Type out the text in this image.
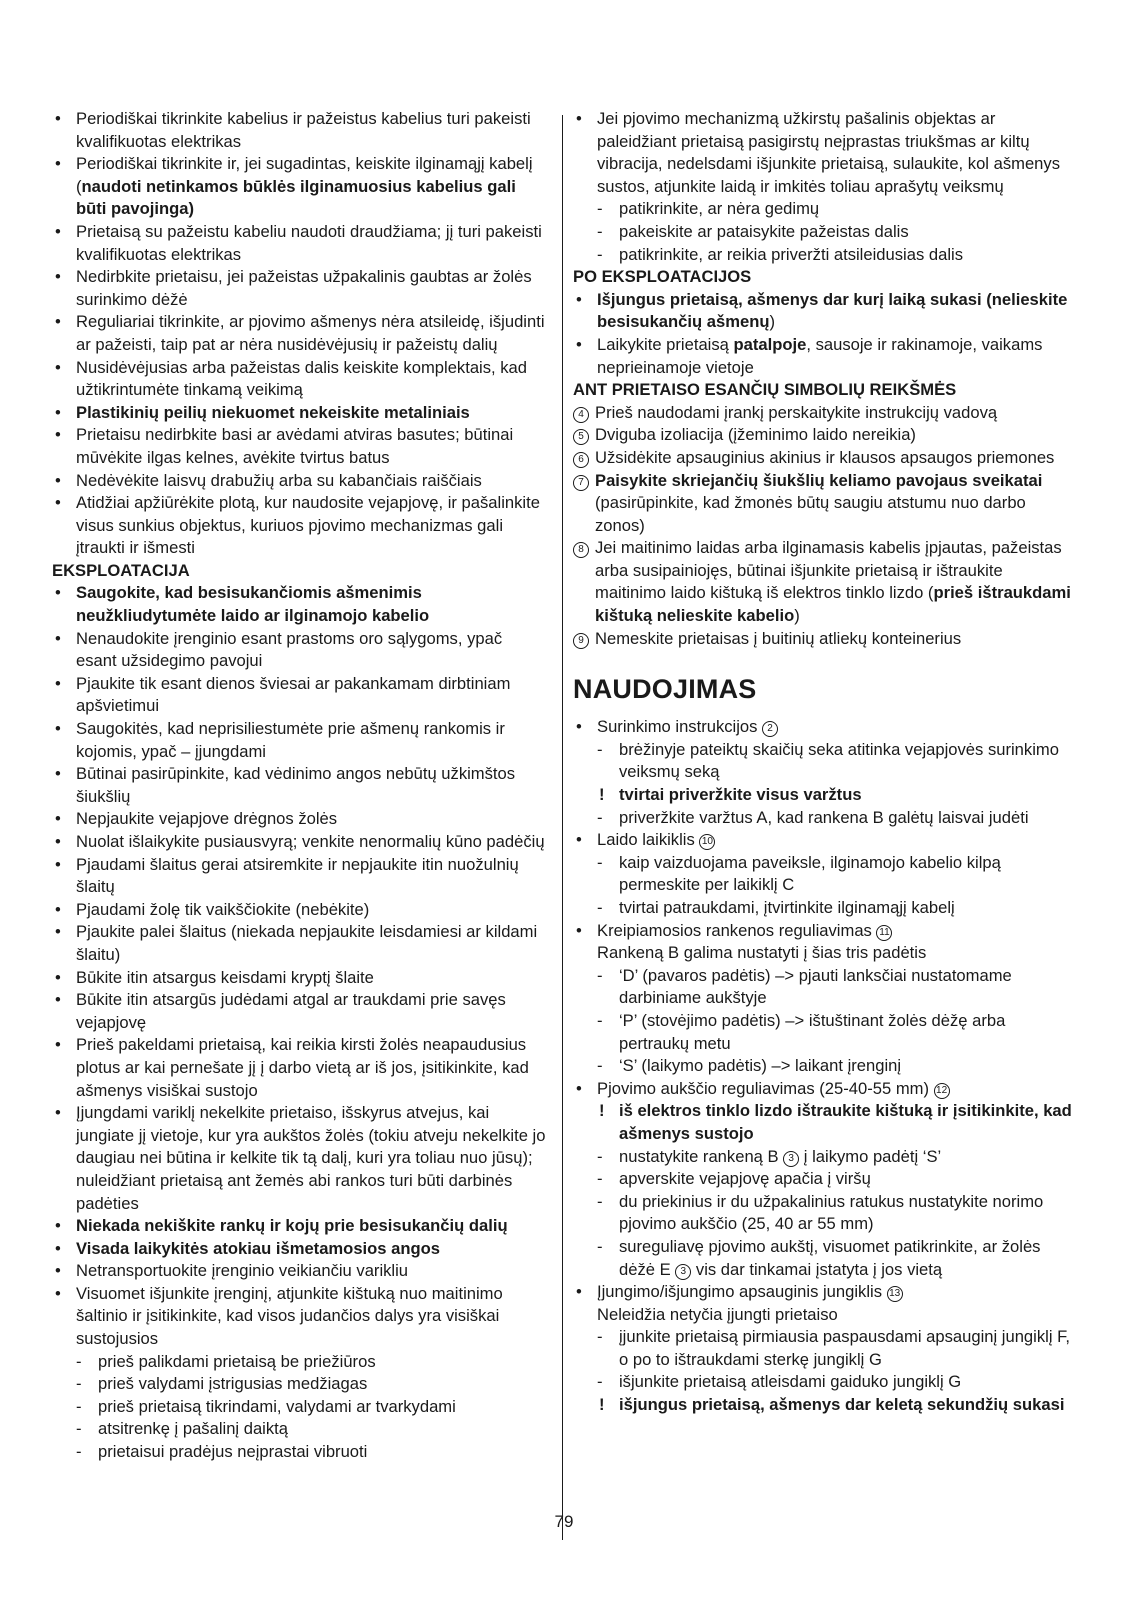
• Periodiškai tikrinkite kabelius ir pažeistus kabelius turi pakeisti kvalifikuotas elektrikas
• Periodiškai tikrinkite ir, jei sugadintas, keiskite ilginamąjį kabelį (naudoti netinkamos būklės ilginamuosius kabelius gali būti pavojinga)
• Prietaisą su pažeistu kabeliu naudoti draudžiama; jį turi pakeisti kvalifikuotas elektrikas
• Nedirbkite prietaisu, jei pažeistas užpakalinis gaubtas ar žolės surinkimo dėžė
• Reguliariai tikrinkite, ar pjovimo ašmenys nėra atsileidę, išjudinti ar pažeisti, taip pat ar nėra nusidėvėjusių ir pažeistų dalių
• Nusidėvėjusias arba pažeistas dalis keiskite komplektais, kad užtikrintumėte tinkamą veikimą
• Plastikinių peilių niekuomet nekeiskite metaliniais
• Prietaisu nedirbkite basi ar avėdami atviras basutes; būtinai mūvėkite ilgas kelnes, avėkite tvirtus batus
• Nedėvėkite laisvų drabužių arba su kabančiais raiščiais
• Atidžiai apžiūrėkite plotą, kur naudosite vejapjovę, ir pašalinkite visus sunkius objektus, kuriuos pjovimo mechanizmas gali įtraukti ir išmesti
EKSPLOATACIJA
• Saugokite, kad besisukančiomis ašmenimis neužkliudytumėte laido ar ilginamojo kabelio
• Nenaudokite įrenginio esant prastoms oro sąlygoms, ypač esant užsidegimo pavojui
• Pjaukite tik esant dienos šviesai ar pakankamam dirbtiniam apšvietimui
• Saugokitės, kad neprisiliestumėte prie ašmenų rankomis ir kojomis, ypač – įjungdami
• Būtinai pasirūpinkite, kad vėdinimo angos nebūtų užkimštos šiukšlių
• Nepjaukite vejapjove drėgnos žolės
• Nuolat išlaikykite pusiausvyrą; venkite nenormalių kūno padėčių
• Pjaudami šlaitus gerai atsiremkite ir nepjaukite itin nuožulnių šlaitų
• Pjaudami žolę tik vaikščiokite (nebėkite)
• Pjaukite palei šlaitus (niekada nepjaukite leisdamiesi ar kildami šlaitu)
• Būkite itin atsargus keisdami kryptį šlaite
• Būkite itin atsargūs judėdami atgal ar traukdami prie savęs vejapjovę
• Prieš pakeldami prietaisą, kai reikia kirsti žolės neapaudusius plotus ar kai pernešate jį į darbo vietą ar iš jos, įsitikinkite, kad ašmenys visiškai sustojo
• Įjungdami variklį nekelkite prietaiso, išskyrus atvejus, kai jungiate jį vietoje, kur yra aukštos žolės (tokiu atveju nekelkite jo daugiau nei būtina ir kelkite tik tą dalį, kuri yra toliau nuo jūsų); nuleidžiant prietaisą ant žemės abi rankos turi būti darbinės padėties
• Niekada nekiškite rankų ir kojų prie besisukančių dalių
• Visada laikykitės atokiau išmetamosios angos
• Netransportuokite įrenginio veikiančiu varikliu
• Visuomet išjunkite įrenginį, atjunkite kištuką nuo maitinimo šaltinio ir įsitikinkite, kad visos judančios dalys yra visiškai sustojusios
- prieš palikdami prietaisą be priežiūros
- prieš valydami įstrigusias medžiagas
- prieš prietaisą tikrindami, valydami ar tvarkydami
- atsitrenkę į pašalinį daiktą
- prietaisui pradėjus neįprastai vibruoti
• Jei pjovimo mechanizmą užkirstų pašalinis objektas ar paleidžiant prietaisą pasigirstų neįprastas triukšmas ar kiltų vibracija, nedelsdami išjunkite prietaisą, sulaukite, kol ašmenys sustos, atjunkite laidą ir imkitės toliau aprašytų veiksmų
- patikrinkite, ar nėra gedimų
- pakeiskite ar pataisykite pažeistas dalis
- patikrinkite, ar reikia priveržti atsileidusias dalis
PO EKSPLOATACIJOS
• Išjungus prietaisą, ašmenys dar kurį laiką sukasi (nelieskite besisukančių ašmenų)
• Laikykite prietaisą patalpoje, sausoje ir rakinamoje, vaikams neprieinamoje vietoje
ANT PRIETAISO ESANČIŲ SIMBOLIŲ REIKŠMĖS
4 Prieš naudodami įrankį perskaitykite instrukcijų vadovą
5 Dviguba izoliacija (įžeminimo laido nereikia)
6 Užsidėkite apsauginius akinius ir klausos apsaugos priemones
7 Paisykite skriejančių šiukšlių keliamo pavojaus sveikatai (pasirūpinkite, kad žmonės būtų saugiu atstumu nuo darbo zonos)
8 Jei maitinimo laidas arba ilginamasis kabelis įpjautas, pažeistas arba susipainiojęs, būtinai išjunkite prietaisą ir ištraukite maitinimo laido kištuką iš elektros tinklo lizdo (prieš ištraukdami kištuką nelieskite kabelio)
9 Nemeskite prietaisas į buitinių atliekų konteinerius
NAUDOJIMAS
• Surinkimo instrukcijos 2
- brėžinyje pateiktų skaičių seka atitinka vejapjovės surinkimo veiksmų seką
! tvirtai priveržkite visus varžtus
- priveržkite varžtus A, kad rankena B galėtų laisvai judėti
• Laido laikiklis 10
- kaip vaizduojama paveiksle, ilginamojo kabelio kilpą permeskite per laikiklį C
- tvirtai patraukdami, įtvirtinkite ilginamąjį kabelį
• Kreipiamosios rankenos reguliavimas 11
Rankeną B galima nustatyti į šias tris padėtis
- ‘D’ (pavaros padėtis) –> pjauti lanksčiai nustatomame darbiniame aukštyje
- ‘P’ (stovėjimo padėtis) –> ištuštinant žolės dėžę arba pertraukų metu
- ‘S’ (laikymo padėtis) –> laikant įrenginį
• Pjovimo aukščio reguliavimas (25-40-55 mm) 12
! iš elektros tinklo lizdo ištraukite kištuką ir įsitikinkite, kad ašmenys sustojo
- nustatykite rankeną B 3 į laikymo padėtį ‘S’
- apverskite vejapjovę apačia į viršų
- du priekinius ir du užpakalinius ratukus nustatykite norimo pjovimo aukščio (25, 40 ar 55 mm)
- sureguliavę pjovimo aukštį, visuomet patikrinkite, ar žolės dėžė E 3 vis dar tinkamai įstatyta į jos vietą
• Įjungimo/išjungimo apsauginis jungiklis 13
Neleidžia netyčia įjungti prietaiso
- įjunkite prietaisą pirmiausia paspausdami apsauginį jungiklį F, o po to ištraukdami sterkę jungiklį G
- išjunkite prietaisą atleisdami gaiduko jungiklį G
! išjungus prietaisą, ašmenys dar keletą sekundžių sukasi
79
